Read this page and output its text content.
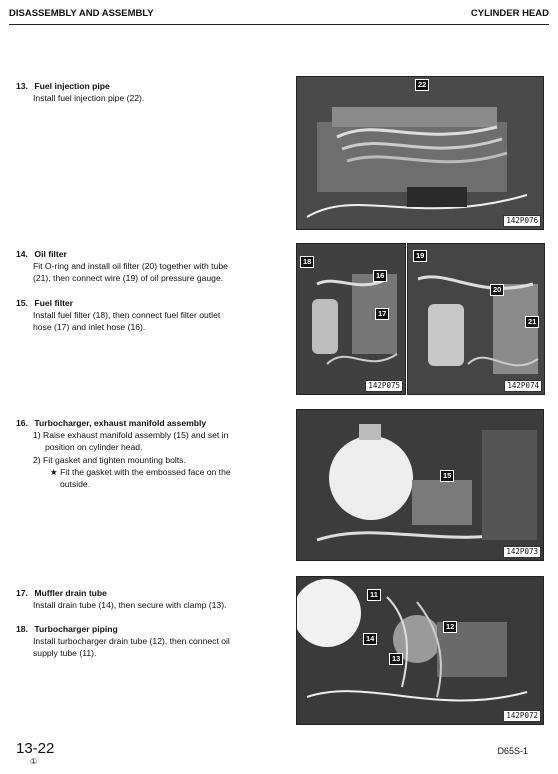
DISASSEMBLY AND ASSEMBLY	CYLINDER HEAD
13. Fuel injection pipe
Install fuel injection pipe (22).
14. Oil filter
Fit O-ring and install oil filter (20) together with tube
(21), then connect wire (19) of oil pressure gauge.
15. Fuel filter
Install fuel filter (18), then connect fuel filter outlet
hose (17) and inlet hose (16).
16. Turbocharger, exhaust manifold assembly
1) Raise exhaust manifold assembly (15) and set in
position on cylinder head.
2) Fit gasket and tighten mounting bolts.
★ Fit the gasket with the embossed face on the
outside.
17. Muffler drain tube
Install drain tube (14), then secure with clamp (13).
18. Turbocharger piping
Install turbocharger drain tube (12), then connect oil
supply tube (11).
22
142P076
18
16
17
142P075
19
20
21
142P074
15
142P073
11
12
14
13
142P072
13-22
①
D65S-1
